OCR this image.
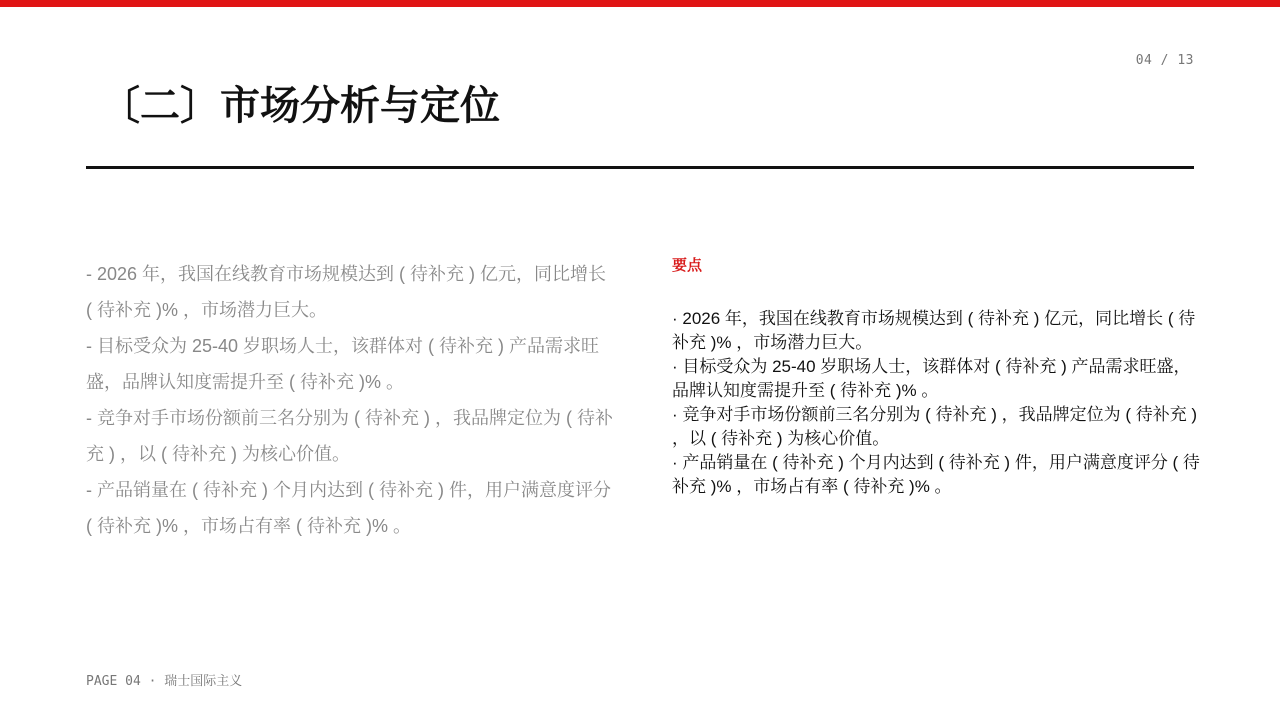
04 / 13
〔二〕市场分析与定位

- 2026 年，我国在线教育市场规模达到 ( 待补充 ) 亿元，同比增长 ( 待补充 )% ，市场潜力巨大。

- 目标受众为 25-40 岁职场人士，该群体对 ( 待补充 ) 产品需求旺盛，品牌认知度需提升至 ( 待补充 )% 。

- 竞争对手市场份额前三名分别为 ( 待补充 ) ，我品牌定位为 ( 待补充 ) ，以 ( 待补充 ) 为核心价值。

- 产品销量在 ( 待补充 ) 个月内达到 ( 待补充 ) 件，用户满意度评分 ( 待补充 )% ，市场占有率 ( 待补充 )% 。

要点
· 2026 年，我国在线教育市场规模达到 ( 待补充 ) 亿元，同比增长 ( 待补充 )% ，市场潜力巨大。
· 目标受众为 25-40 岁职场人士，该群体对 ( 待补充 ) 产品需求旺盛，品牌认知度需提升至 ( 待补充 )% 。
· 竞争对手市场份额前三名分别为 ( 待补充 ) ，我品牌定位为 ( 待补充 ) ，以 ( 待补充 ) 为核心价值。
· 产品销量在 ( 待补充 ) 个月内达到 ( 待补充 ) 件，用户满意度评分 ( 待补充 )% ，市场占有率 ( 待补充 )% 。
PAGE 04 · 瑞士国际主义
